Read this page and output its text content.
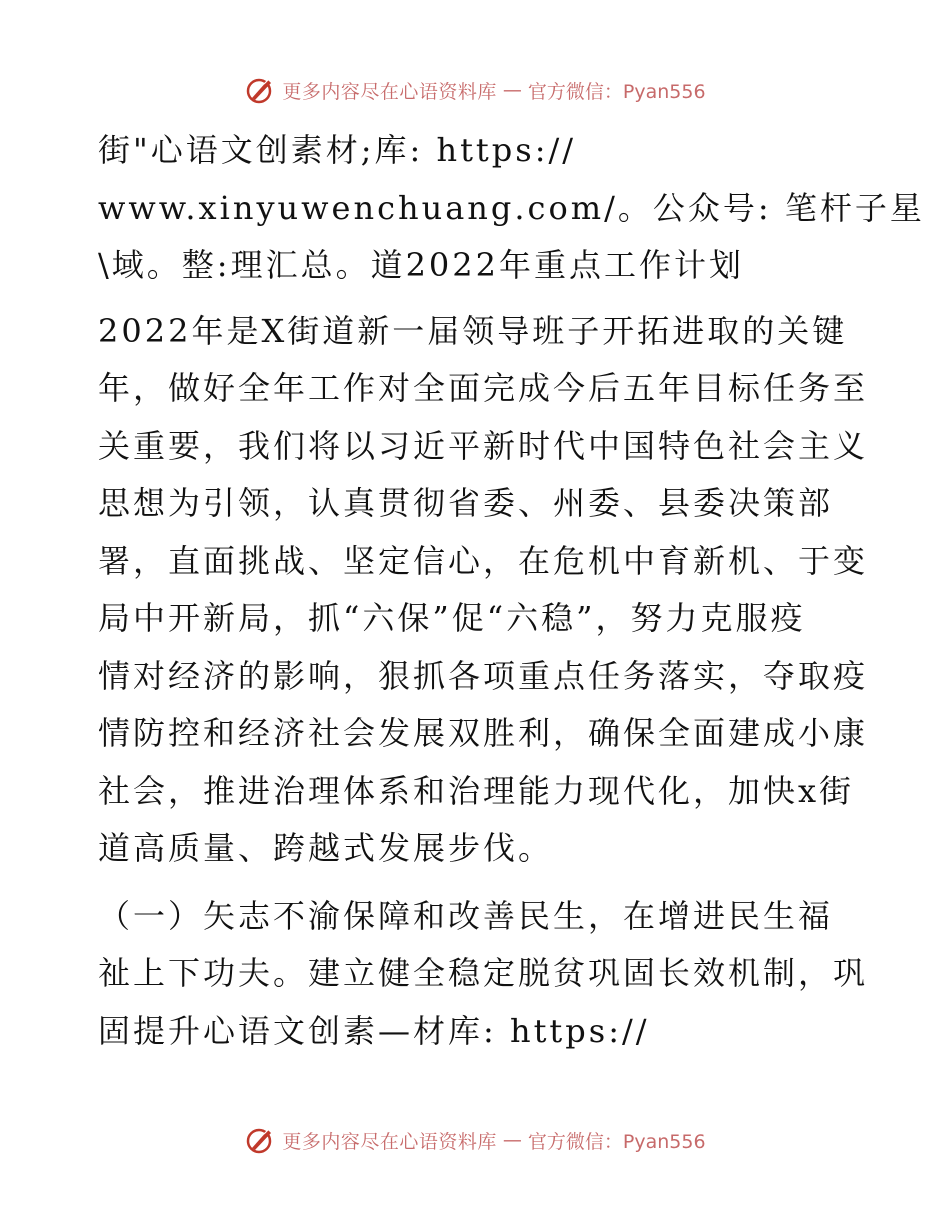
更多内容尽在心语资料库 — 官方微信：Pyan556

街"心语文创素材;库: https://
www.xinyuwenchuang.com/。公众号: 笔杆子星
\域。整:理汇总。道2022年重点工作计划

2022年是X街道新一届领导班子开拓进取的关键
年，做好全年工作对全面完成今后五年目标任务至
关重要，我们将以习近平新时代中国特色社会主义
思想为引领，认真贯彻省委、州委、县委决策部
署，直面挑战、坚定信心，在危机中育新机、于变
局中开新局，抓“六保”促“六稳”，努力克服疫
情对经济的影响，狠抓各项重点任务落实，夺取疫
情防控和经济社会发展双胜利，确保全面建成小康
社会，推进治理体系和治理能力现代化，加快x街
道高质量、跨越式发展步伐。

（一）矢志不渝保障和改善民生，在增进民生福
祉上下功夫。建立健全稳定脱贫巩固长效机制，巩
固提升心语文创素—材库: https://

更多内容尽在心语资料库 — 官方微信：Pyan556
